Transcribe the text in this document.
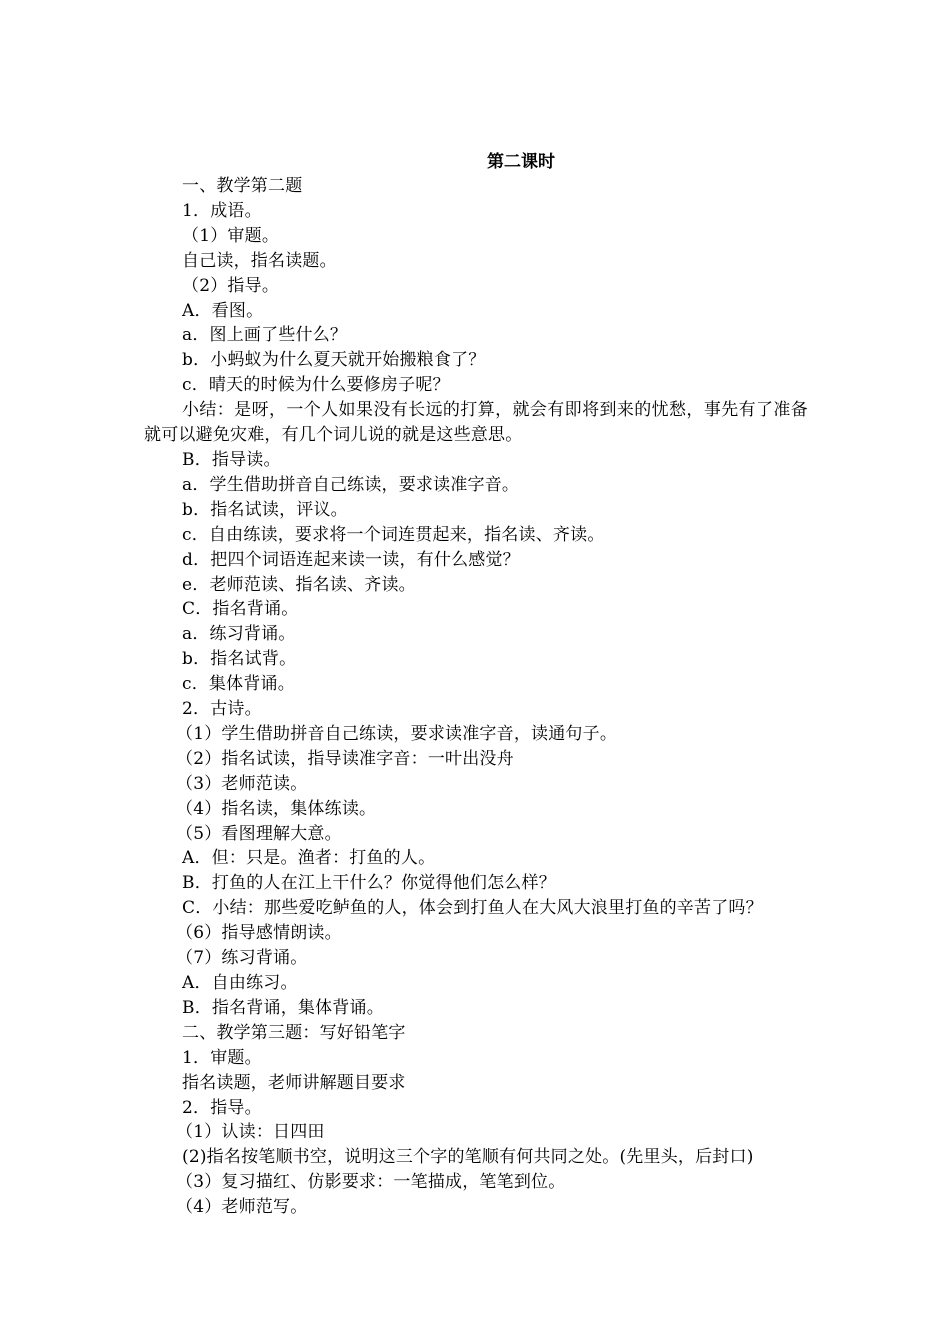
第二课时

一、教学第二题

1．成语。

（1）审题。

自己读，指名读题。

（2）指导。

A．看图。

a．图上画了些什么？

b．小蚂蚁为什么夏天就开始搬粮食了？

c．晴天的时候为什么要修房子呢？

小结：是呀，一个人如果没有长远的打算，就会有即将到来的忧愁，事先有了准备就可以避免灾难，有几个词儿说的就是这些意思。

B．指导读。

a．学生借助拼音自己练读，要求读准字音。

b．指名试读，评议。

c．自由练读，要求将一个词连贯起来，指名读、齐读。

d．把四个词语连起来读一读，有什么感觉？

e．老师范读、指名读、齐读。

C．指名背诵。

a．练习背诵。

b．指名试背。

c．集体背诵。

2．古诗。

（1）学生借助拼音自己练读，要求读准字音，读通句子。

（2）指名试读，指导读准字音：一叶出没舟

（3）老师范读。

（4）指名读，集体练读。

（5）看图理解大意。

A．但：只是。渔者：打鱼的人。

B．打鱼的人在江上干什么？你觉得他们怎么样？

C．小结：那些爱吃鲈鱼的人，体会到打鱼人在大风大浪里打鱼的辛苦了吗？

（6）指导感情朗读。

（7）练习背诵。

A．自由练习。

B．指名背诵，集体背诵。

二、教学第三题：写好铅笔字

1．审题。

指名读题，老师讲解题目要求

2．指导。

（1）认读：日四田

(2)指名按笔顺书空，说明这三个字的笔顺有何共同之处。(先里头，后封口)

（3）复习描红、仿影要求：一笔描成，笔笔到位。

（4）老师范写。
